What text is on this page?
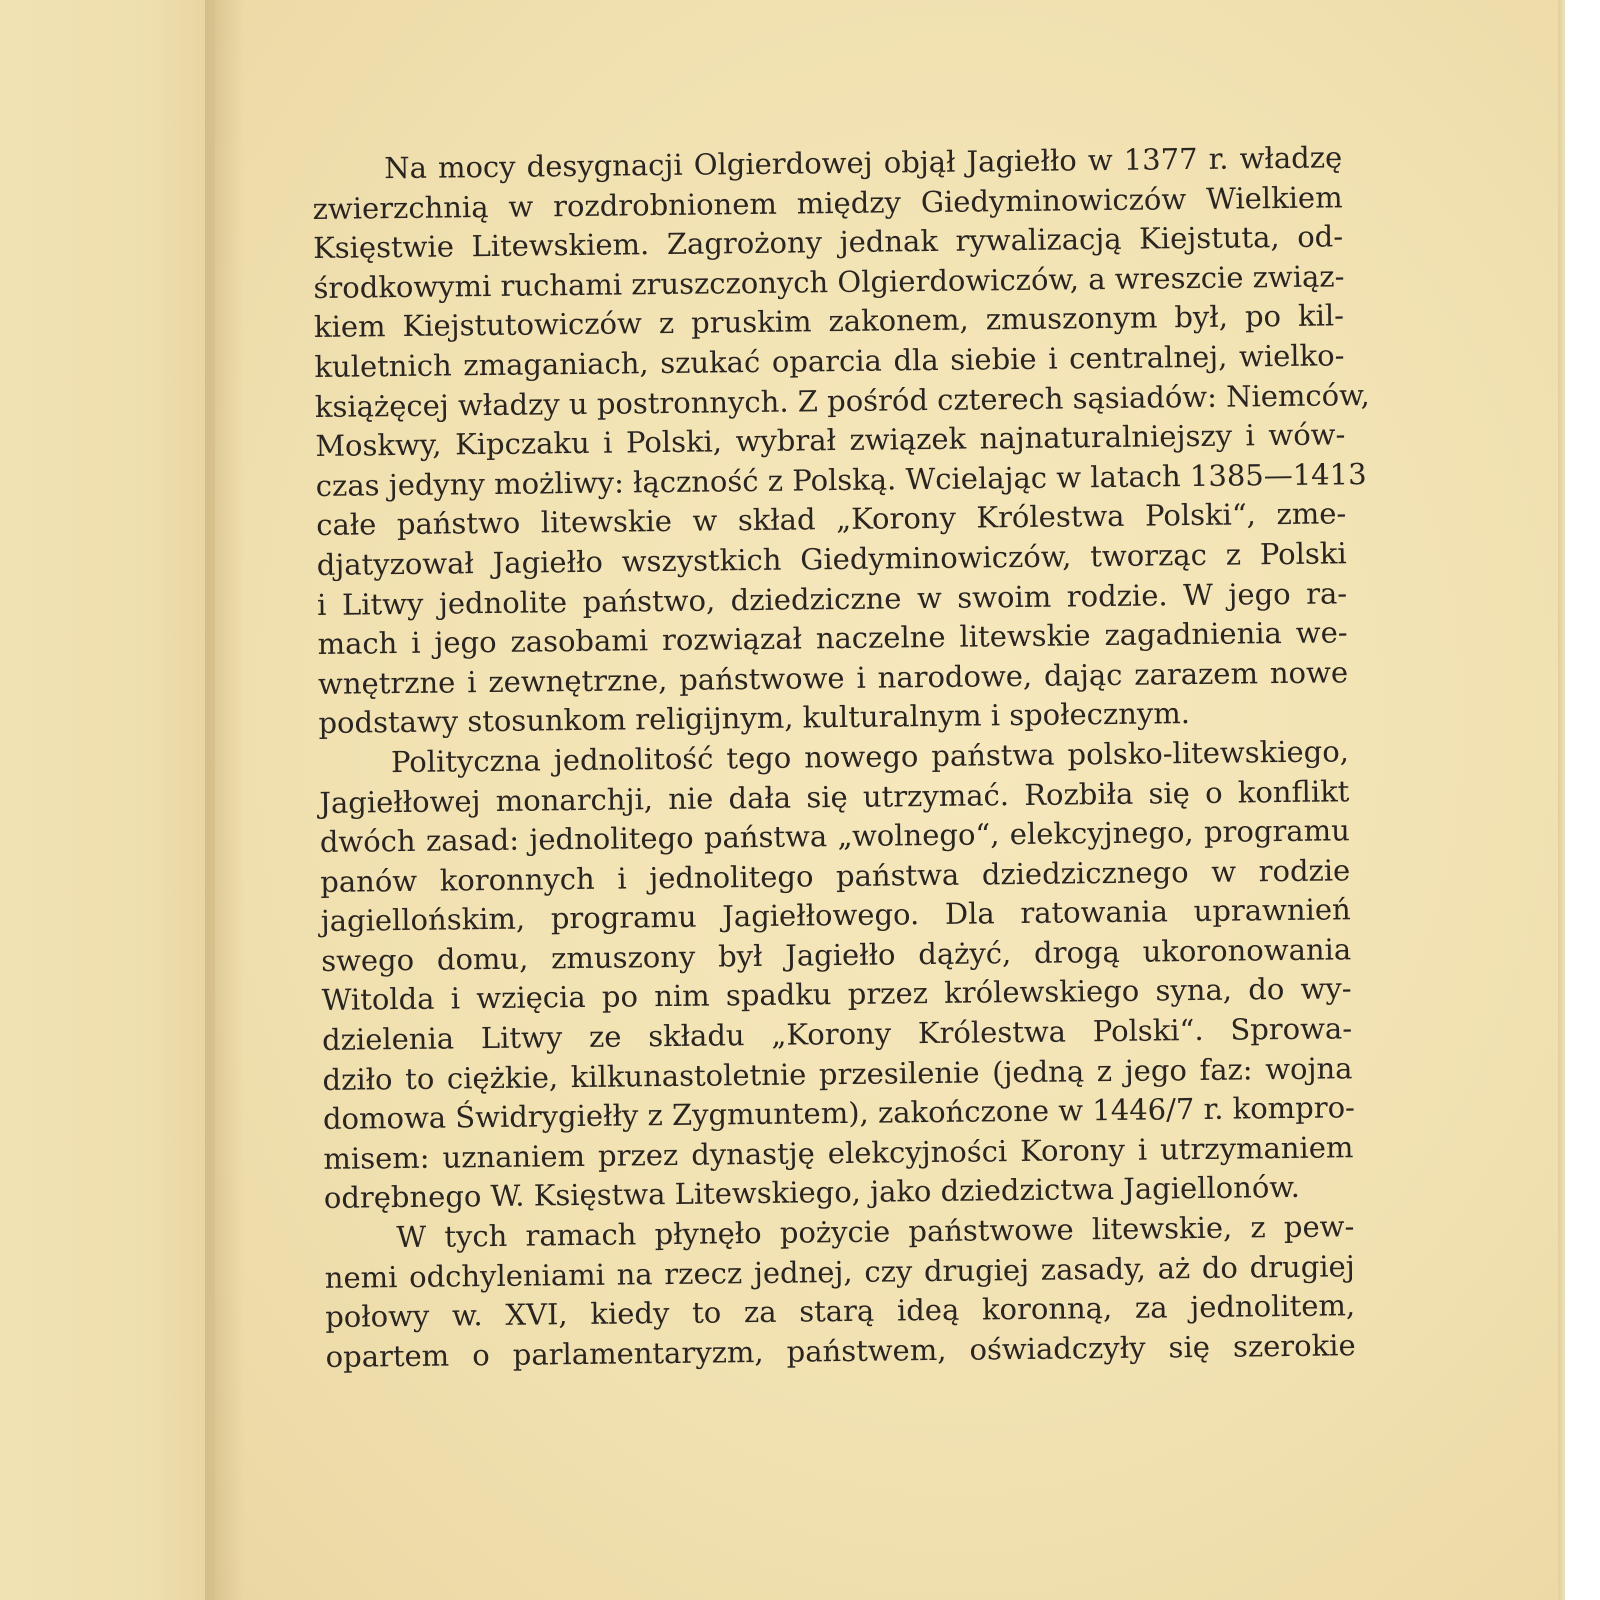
Na mocy desygnacji Olgierdowej objął Jagiełło w 1377 r. władzę
zwierzchnią w rozdrobnionem między Giedyminowiczów Wielkiem
Księstwie Litewskiem. Zagrożony jednak rywalizacją Kiejstuta, od-
środkowymi ruchami zruszczonych Olgierdowiczów, a wreszcie związ-
kiem Kiejstutowiczów z pruskim zakonem, zmuszonym był, po kil-
kuletnich zmaganiach, szukać oparcia dla siebie i centralnej, wielko-
książęcej władzy u postronnych. Z pośród czterech sąsiadów: Niemców,
Moskwy, Kipczaku i Polski, wybrał związek najnaturalniejszy i wów-
czas jedyny możliwy: łączność z Polską. Wcielając w latach 1385—1413
całe państwo litewskie w skład „Korony Królestwa Polski“, zme-
djatyzował Jagiełło wszystkich Giedyminowiczów, tworząc z Polski
i Litwy jednolite państwo, dziedziczne w swoim rodzie. W jego ra-
mach i jego zasobami rozwiązał naczelne litewskie zagadnienia we-
wnętrzne i zewnętrzne, państwowe i narodowe, dając zarazem nowe
podstawy stosunkom religijnym, kulturalnym i społecznym.
Polityczna jednolitość tego nowego państwa polsko-litewskiego,
Jagiełłowej monarchji, nie dała się utrzymać. Rozbiła się o konflikt
dwóch zasad: jednolitego państwa „wolnego“, elekcyjnego, programu
panów koronnych i jednolitego państwa dziedzicznego w rodzie
jagiellońskim, programu Jagiełłowego. Dla ratowania uprawnień
swego domu, zmuszony był Jagiełło dążyć, drogą ukoronowania
Witolda i wzięcia po nim spadku przez królewskiego syna, do wy-
dzielenia Litwy ze składu „Korony Królestwa Polski“. Sprowa-
dziło to ciężkie, kilkunastoletnie przesilenie (jedną z jego faz: wojna
domowa Świdrygiełły z Zygmuntem), zakończone w 1446/7 r. kompro-
misem: uznaniem przez dynastję elekcyjności Korony i utrzymaniem
odrębnego W. Księstwa Litewskiego, jako dziedzictwa Jagiellonów.
W tych ramach płynęło pożycie państwowe litewskie, z pew-
nemi odchyleniami na rzecz jednej, czy drugiej zasady, aż do drugiej
połowy w. XVI, kiedy to za starą ideą koronną, za jednolitem,
opartem o parlamentaryzm, państwem, oświadczyły się szerokie
